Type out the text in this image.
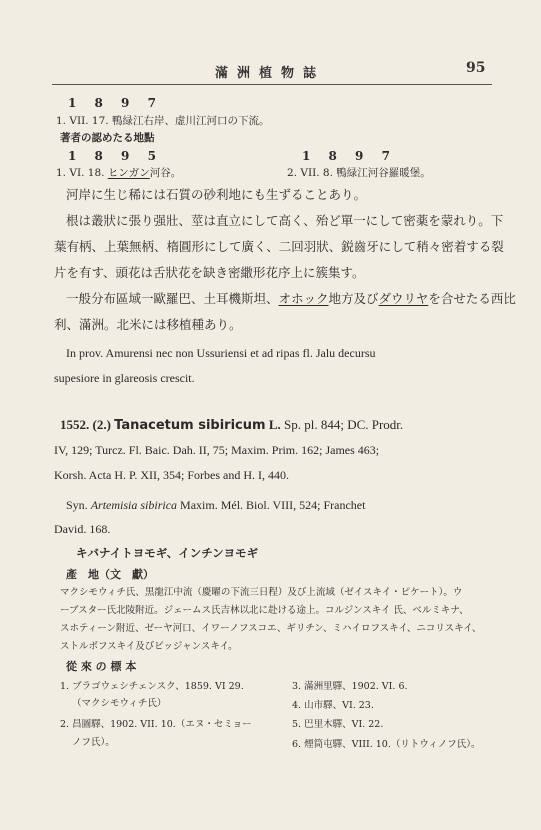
滿洲植物誌	95
1 8 9 7
1. VII. 17. 鴨緑江右岸、虚川江河口の下流。
著者の認めたる地點
1 8 9 5	1 8 9 7
1. VI. 18. ヒンガン河谷。	2. VII. 8. 鴨緑江河谷羅暖堡。
河岸に生じ稀には石質の砂利地にも生ずることあり。
根は叢狀に張り强壯、莖は直立にして高く、殆ど單一にして密薬を蒙れり。下
葉有柄、上葉無柄、楕圓形にして廣く、二回羽狀、鋭齒牙にして稍々密着する裂
片を有す、頭花は舌狀花を缺き密繖形花序上に簇集す。
一般分布區域一歐羅巴、土耳機斯坦、オホック地方及びダウリヤを合せたる西比
利、滿洲。北米には移植種あり。
In prov. Amurensi nec non Ussuriensi et ad ripas fl. Jalu decursu
supesiore in glareosis crescit.
1552. (2.) Tanacetum sibiricum L. Sp. pl. 844; DC. Prodr.
IV, 129; Turcz. Fl. Baic. Dah. II, 75; Maxim. Prim. 162; James 463;
Korsh. Acta H. P. XII, 354; Forbes and H. I, 440.
Syn. Artemisia sibirica Maxim. Mél. Biol. VIII, 524; Franchet
David. 168.
キバナイトヨモギ、インチンヨモギ
產　地（文　獻）
マクシモウィチ氏、黒龍江中流（慶曜の下流三日程）及び上流域（ゼイスキイ・ピケート）。ウ
ーブスター氏北陵附近。ジェームス氏吉林以北に赴ける途上。コルジンスキイ 氏、ベルミキナ、
スホティーン附近、ゼーヤ河口、イワーノフスコエ、ギリチン、ミハイロフスキイ、ニコリスキイ、
ストルボフスキイ及びビッジャンスキイ。
從 來 の 標 本
1. ブラゴウェシチェンスク、1859. VI 29.
（マクシモウィチ氏）
2. 昌圖驛、1902. VII. 10.（エヌ・セミョー
ノフ氏）。
3. 滿洲里驛、1902. VI. 6.
4. 山市驛、VI. 23.
5. 巴里木驛、VI. 22.
6. 煙筒屯驛、VIII. 10.（リトウィノフ氏）。
